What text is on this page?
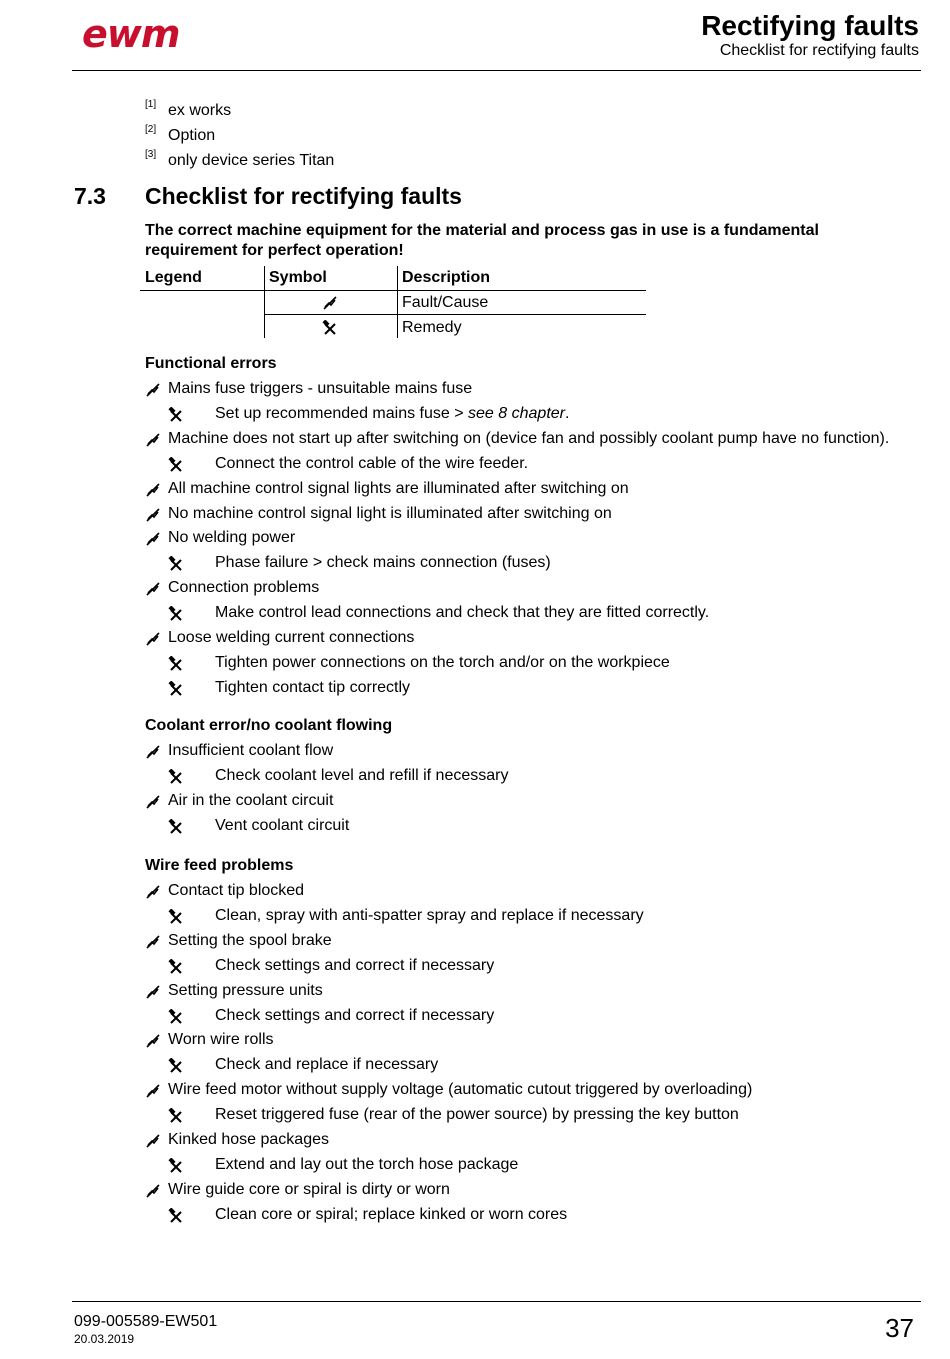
ewm	Rectifying faults
Checklist for rectifying faults
[1] ex works
[2] Option
[3] only device series Titan
7.3 Checklist for rectifying faults
The correct machine equipment for the material and process gas in use is a fundamental requirement for perfect operation!
Legend	Symbol	Description
Fault/Cause
Remedy
Functional errors
Mains fuse triggers - unsuitable mains fuse
Set up recommended mains fuse > see 8 chapter.
Machine does not start up after switching on (device fan and possibly coolant pump have no function).
Connect the control cable of the wire feeder.
All machine control signal lights are illuminated after switching on
No machine control signal light is illuminated after switching on
No welding power
Phase failure > check mains connection (fuses)
Connection problems
Make control lead connections and check that they are fitted correctly.
Loose welding current connections
Tighten power connections on the torch and/or on the workpiece
Tighten contact tip correctly
Coolant error/no coolant flowing
Insufficient coolant flow
Check coolant level and refill if necessary
Air in the coolant circuit
Vent coolant circuit
Wire feed problems
Contact tip blocked
Clean, spray with anti-spatter spray and replace if necessary
Setting the spool brake
Check settings and correct if necessary
Setting pressure units
Check settings and correct if necessary
Worn wire rolls
Check and replace if necessary
Wire feed motor without supply voltage (automatic cutout triggered by overloading)
Reset triggered fuse (rear of the power source) by pressing the key button
Kinked hose packages
Extend and lay out the torch hose package
Wire guide core or spiral is dirty or worn
Clean core or spiral; replace kinked or worn cores
099-005589-EW501
20.03.2019	37
